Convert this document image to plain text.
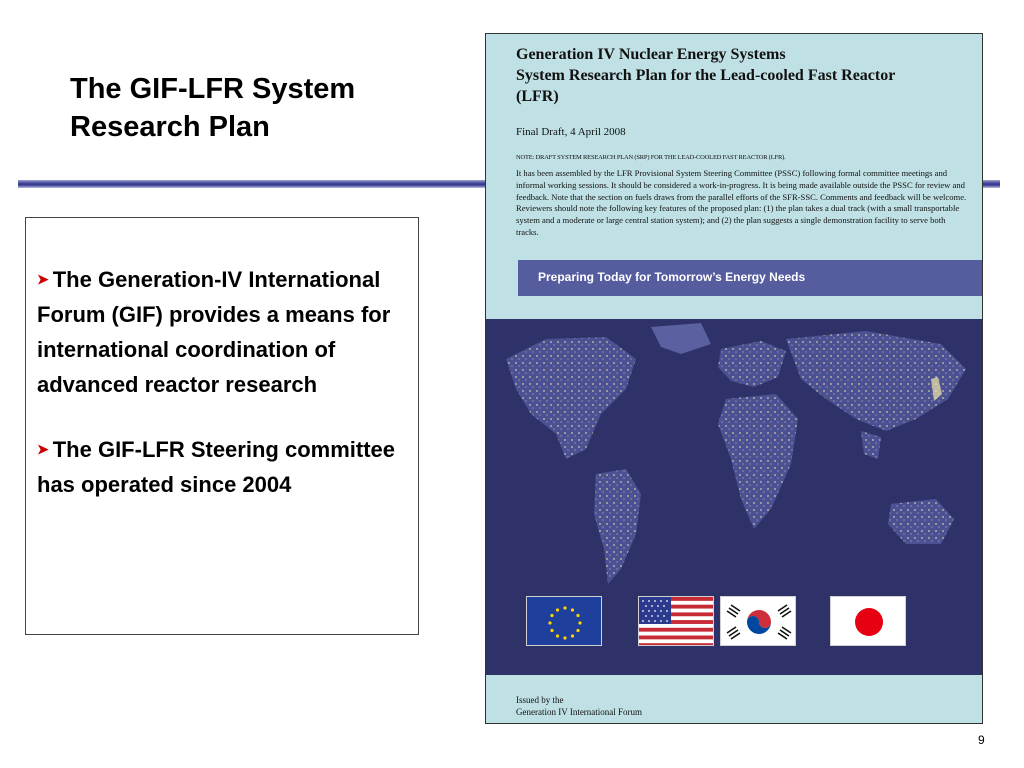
The GIF-LFR System
Research Plan

➤ The Generation-IV International Forum (GIF) provides a means for international coordination of advanced reactor research

➤ The GIF-LFR Steering committee has operated since 2004

Generation IV Nuclear Energy Systems
System Research Plan for the Lead-cooled Fast Reactor
(LFR)
Final Draft, 4 April 2008
NOTE: DRAFT SYSTEM RESEARCH PLAN (SRP) FOR THE LEAD-COOLED FAST REACTOR (LFR).
It has been assembled by the LFR Provisional System Steering Committee (PSSC) following formal committee meetings and informal working sessions. It should be considered a work-in-progress. It is being made available outside the PSSC for review and feedback. Note that the section on fuels draws from the parallel efforts of the SFR-SSC. Comments and feedback will be welcome. Reviewers should note the following key features of the proposed plan: (1) the plan takes a dual track (with a small transportable system and a moderate or large central station system); and (2) the plan suggests a single demonstration facility to serve both tracks.
Preparing Today for Tomorrow’s Energy Needs
Issued by the
Generation IV International Forum
9
